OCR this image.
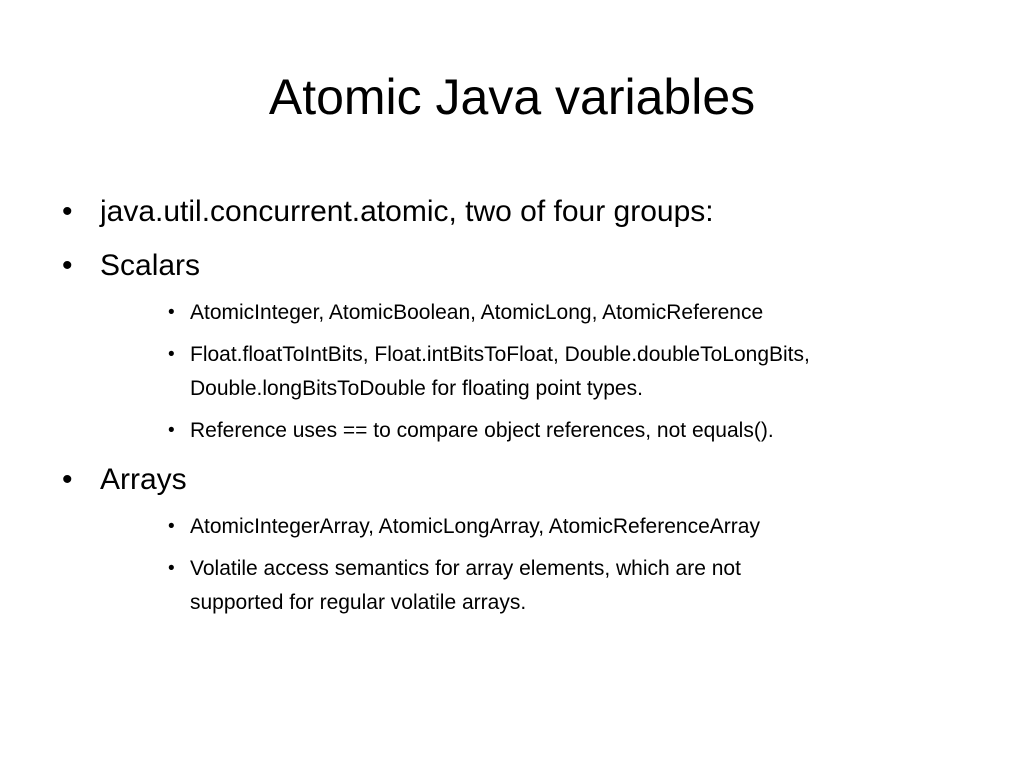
Atomic Java variables
• java.util.concurrent.atomic, two of four groups:
• Scalars
• AtomicInteger, AtomicBoolean, AtomicLong, AtomicReference
• Float.floatToIntBits, Float.intBitsToFloat, Double.doubleToLongBits,
Double.longBitsToDouble for floating point types.
• Reference uses == to compare object references, not equals().
• Arrays
• AtomicIntegerArray, AtomicLongArray, AtomicReferenceArray
• Volatile access semantics for array elements, which are not
supported for regular volatile arrays.
